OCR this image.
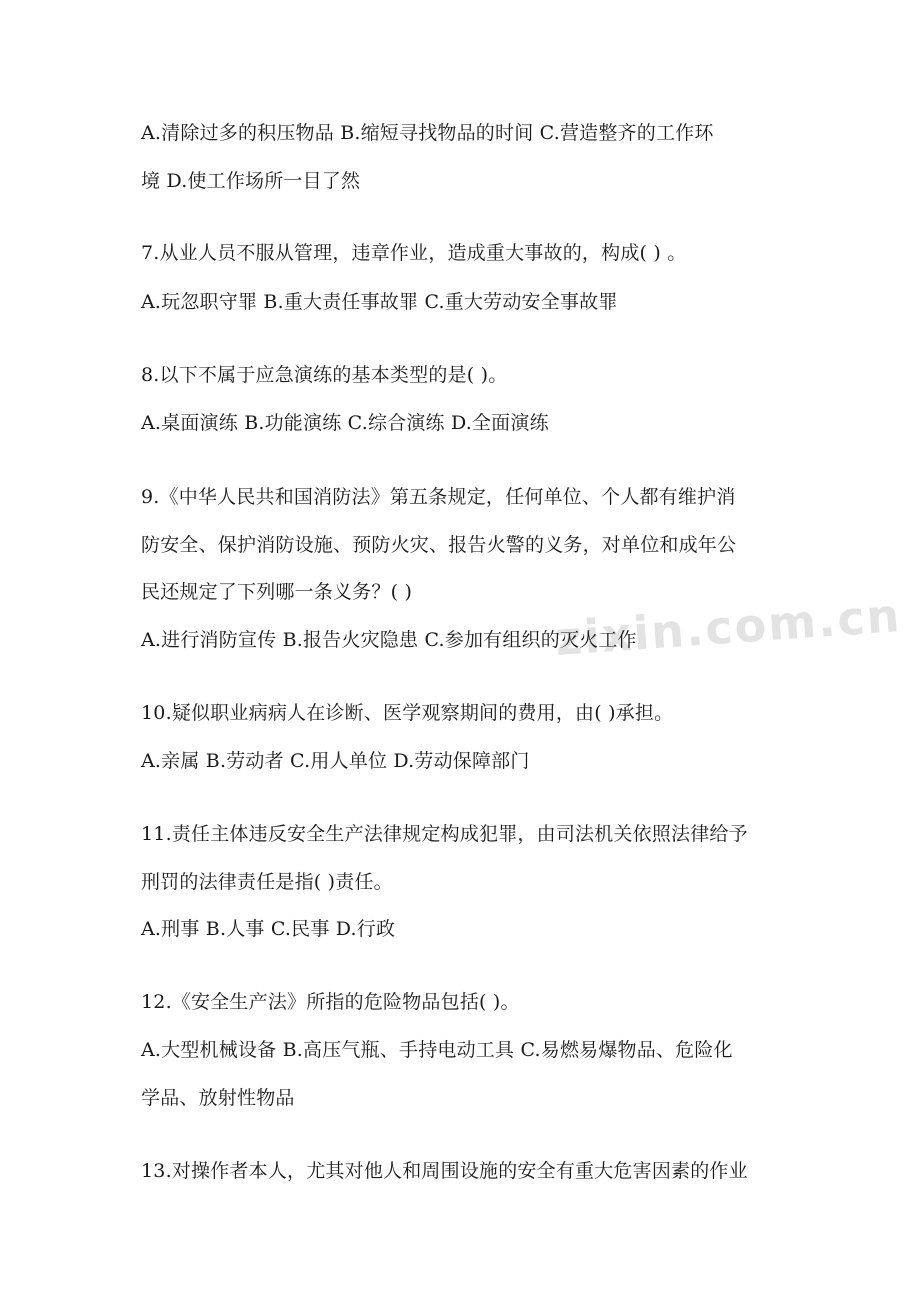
zixin.com.cn
A.清除过多的积压物品 B.缩短寻找物品的时间 C.营造整齐的工作环
境 D.使工作场所一目了然
7.从业人员不服从管理，违章作业，造成重大事故的，构成( ) 。
A.玩忽职守罪 B.重大责任事故罪 C.重大劳动安全事故罪
8.以下不属于应急演练的基本类型的是( )。
A.桌面演练 B.功能演练 C.综合演练 D.全面演练
9.《中华人民共和国消防法》第五条规定，任何单位、个人都有维护消
防安全、保护消防设施、预防火灾、报告火警的义务，对单位和成年公
民还规定了下列哪一条义务？( )
A.进行消防宣传 B.报告火灾隐患 C.参加有组织的灭火工作
10.疑似职业病病人在诊断、医学观察期间的费用，由( )承担。
A.亲属 B.劳动者 C.用人单位 D.劳动保障部门
11.责任主体违反安全生产法律规定构成犯罪，由司法机关依照法律给予
刑罚的法律责任是指( )责任。
A.刑事 B.人事 C.民事 D.行政
12.《安全生产法》所指的危险物品包括( )。
A.大型机械设备 B.高压气瓶、手持电动工具 C.易燃易爆物品、危险化
学品、放射性物品
13.对操作者本人，尤其对他人和周围设施的安全有重大危害因素的作业
